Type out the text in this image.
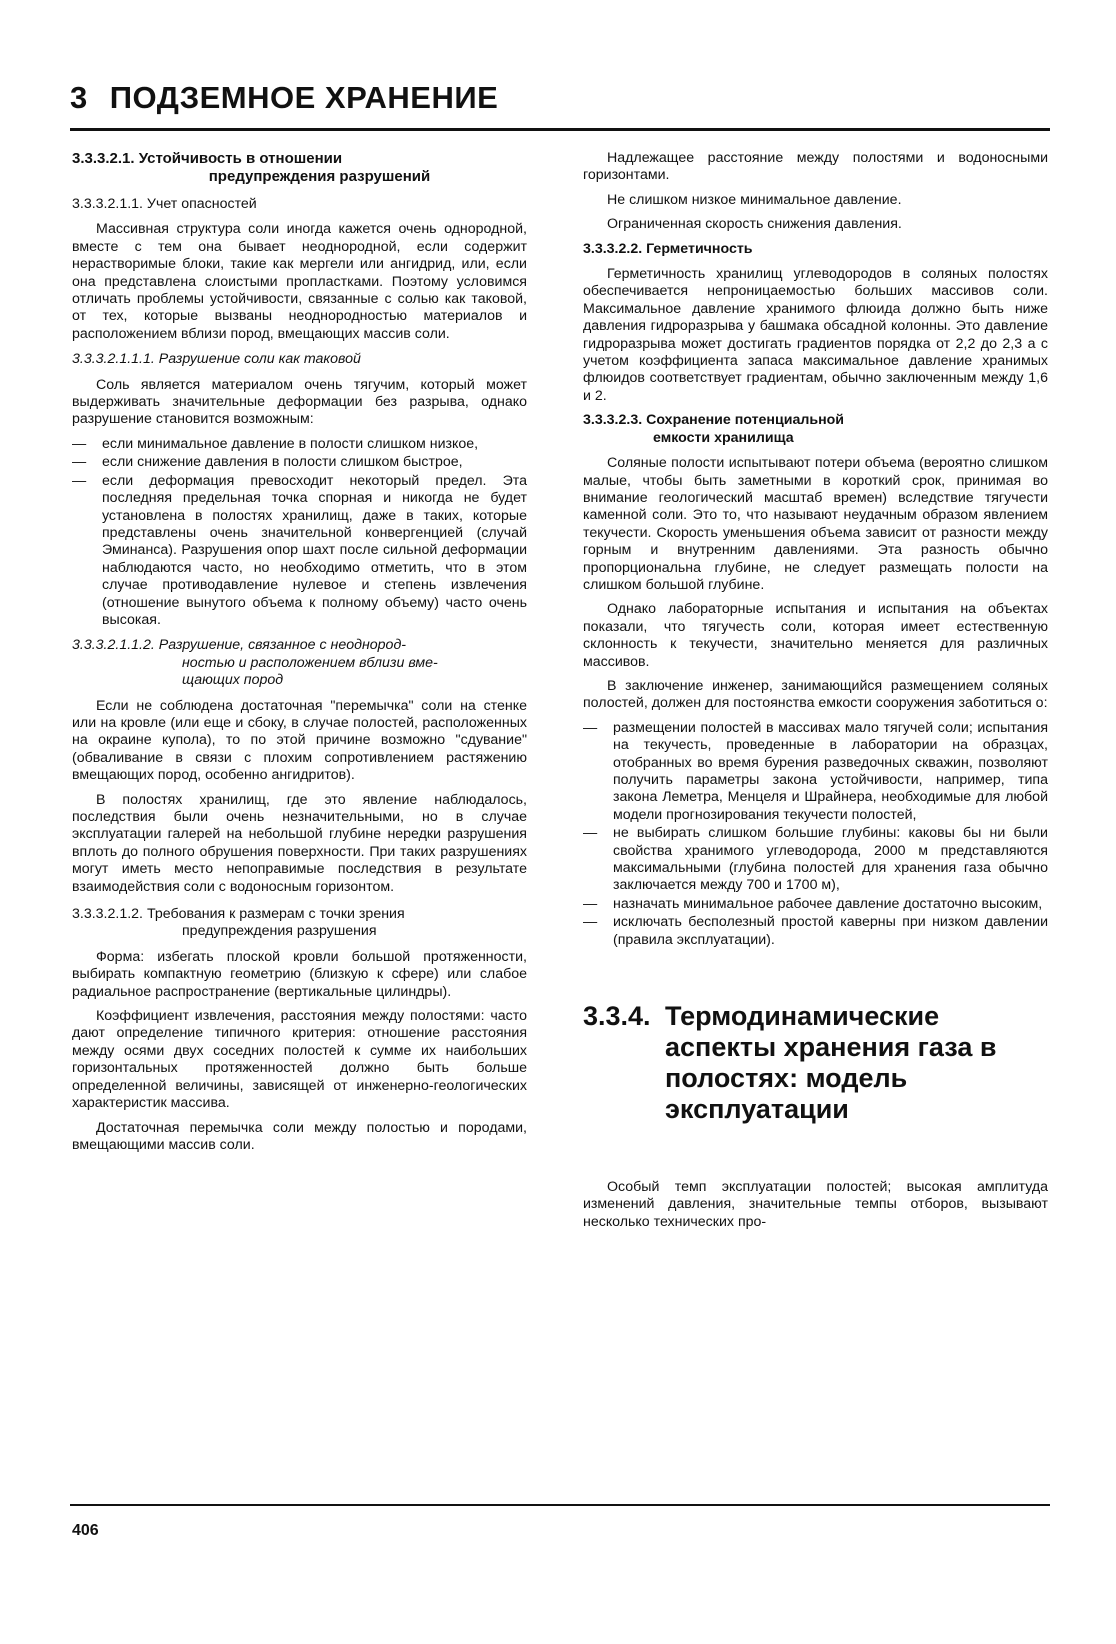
3 ПОДЗЕМНОЕ ХРАНЕНИЕ
3.3.3.2.1. Устойчивость в отношении
предупреждения разрушений

3.3.3.2.1.1. Учет опасностей

Массивная структура соли иногда кажется очень однородной, вместе с тем она бывает неоднородной, если содержит нерастворимые блоки, такие как мергели или ангидрид, или, если она представлена слоистыми пропластками. Поэтому условимся отличать проблемы устойчивости, связанные с солью как таковой, от тех, которые вызваны неоднородностью материалов и расположением вблизи пород, вмещающих массив соли.

3.3.3.2.1.1.1. Разрушение соли как таковой

Соль является материалом очень тягучим, который может выдерживать значительные деформации без разрыва, однако разрушение становится возможным:

— если минимальное давление в полости слишком низкое,
— если снижение давления в полости слишком быстрое,
— если деформация превосходит некоторый предел. Эта последняя предельная точка спорная и никогда не будет установлена в полостях хранилищ, даже в таких, которые представлены очень значительной конвергенцией (случай Эминанса). Разрушения опор шахт после сильной деформации наблюдаются часто, но необходимо отметить, что в этом случае противодавление нулевое и степень извлечения (отношение вынутого объема к полному объему) часто очень высокая.
3.3.3.2.1.1.2. Разрушение, связанное с неоднород-
ностью и расположением вблизи вме-
щающих пород

Если не соблюдена достаточная "перемычка" соли на стенке или на кровле (или еще и сбоку, в случае полостей, расположенных на окраине купола), то по этой причине возможно "сдувание" (обваливание в связи с плохим сопротивлением растяжению вмещающих пород, особенно ангидритов).

В полостях хранилищ, где это явление наблюдалось, последствия были очень незначительными, но в случае эксплуатации галерей на небольшой глубине нередки разрушения вплоть до полного обрушения поверхности. При таких разрушениях могут иметь место непоправимые последствия в результате взаимодействия соли с водоносным горизонтом.

3.3.3.2.1.2. Требования к размерам с точки зрения
предупреждения разрушения

Форма: избегать плоской кровли большой протяженности, выбирать компактную геометрию (близкую к сфере) или слабое радиальное распространение (вертикальные цилиндры).

Коэффициент извлечения, расстояния между полостями: часто дают определение типичного критерия: отношение расстояния между осями двух соседних полостей к сумме их наибольших горизонтальных протяженностей должно быть больше определенной величины, зависящей от инженерно-геологических характеристик массива.

Достаточная перемычка соли между полостью и породами, вмещающими массив соли.

Надлежащее расстояние между полостями и водоносными горизонтами.

Не слишком низкое минимальное давление.

Ограниченная скорость снижения давления.

3.3.3.2.2. Герметичность

Герметичность хранилищ углеводородов в соляных полостях обеспечивается непроницаемостью больших массивов соли. Максимальное давление хранимого флюида должно быть ниже давления гидроразрыва у башмака обсадной колонны. Это давление гидроразрыва может достигать градиентов порядка от 2,2 до 2,3 а с учетом коэффициента запаса максимальное давление хранимых флюидов соответствует градиентам, обычно заключенным между 1,6 и 2.

3.3.3.2.3. Сохранение потенциальной
емкости хранилища

Соляные полости испытывают потери объема (вероятно слишком малые, чтобы быть заметными в короткий срок, принимая во внимание геологический масштаб времен) вследствие тягучести каменной соли. Это то, что называют неудачным образом явлением текучести. Скорость уменьшения объема зависит от разности между горным и внутренним давлениями. Эта разность обычно пропорциональна глубине, не следует размещать полости на слишком большой глубине.

Однако лабораторные испытания и испытания на объектах показали, что тягучесть соли, которая имеет естественную склонность к текучести, значительно меняется для различных массивов.

В заключение инженер, занимающийся размещением соляных полостей, должен для постоянства емкости сооружения заботиться о:

— размещении полостей в массивах мало тягучей соли; испытания на текучесть, проведенные в лаборатории на образцах, отобранных во время бурения разведочных скважин, позволяют получить параметры закона устойчивости, например, типа закона Леметра, Менцеля и Шрайнера, необходимые для любой модели прогнозирования текучести полостей,
— не выбирать слишком большие глубины: каковы бы ни были свойства хранимого углеводорода, 2000 м представляются максимальными (глубина полостей для хранения газа обычно заключается между 700 и 1700 м),
— назначать минимальное рабочее давление достаточно высоким,
— исключать бесполезный простой каверны при низком давлении (правила эксплуатации).
3.3.4. Термодинамические аспекты хранения газа в полостях: модель эксплуатации

Особый темп эксплуатации полостей; высокая амплитуда изменений давления, значительные темпы отборов, вызывают несколько технических про-

406
